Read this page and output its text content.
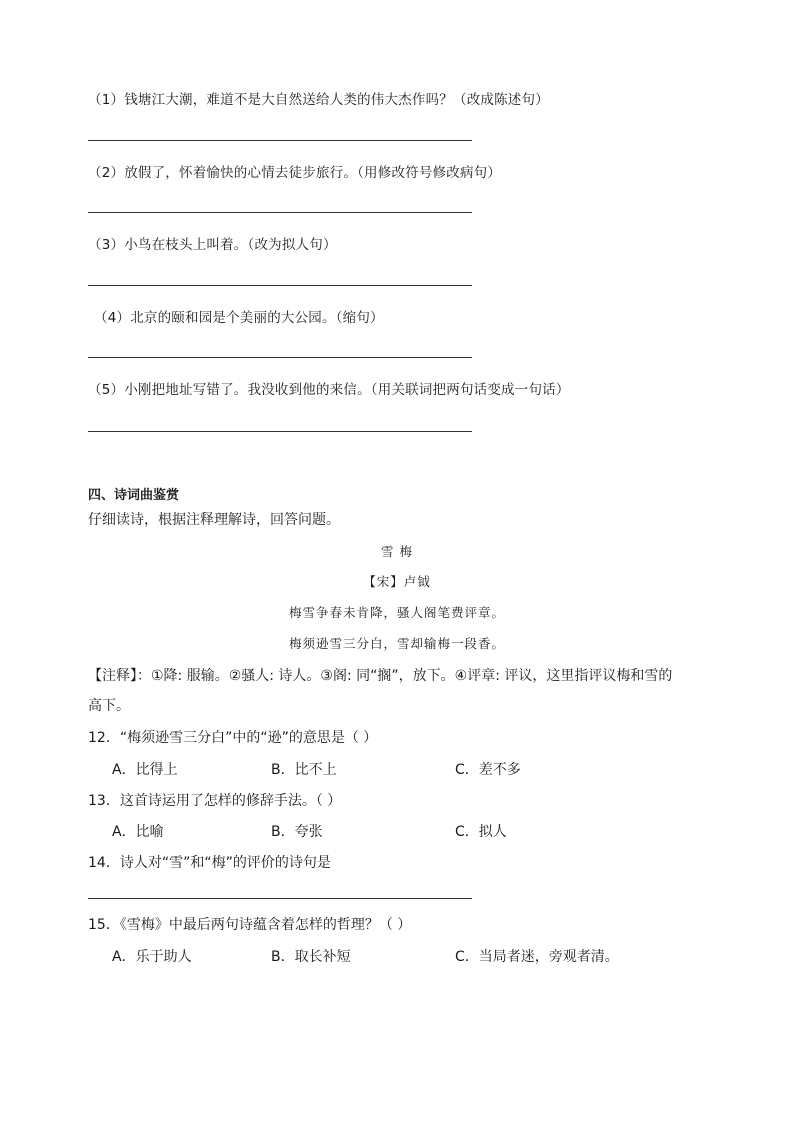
（1）钱塘江大潮，难道不是大自然送给人类的伟大杰作吗？（改成陈述句）
（2）放假了，怀着愉快的心情去徒步旅行。（用修改符号修改病句）
（3）小鸟在枝头上叫着。（改为拟人句）
（4）北京的颐和园是个美丽的大公园。（缩句）
（5）小刚把地址写错了。我没收到他的来信。（用关联词把两句话变成一句话）
四、诗词曲鉴赏
仔细读诗，根据注释理解诗，回答问题。
雪 梅
【宋】卢钺
梅雪争春未肯降，骚人阁笔费评章。
梅须逊雪三分白，雪却输梅一段香。
【注释】：①降: 服输。②骚人: 诗人。③阁: 同“搁”，放下。④评章: 评议，这里指评议梅和雪的
高下。
12．“梅须逊雪三分白”中的“逊”的意思是（ ）
A．比得上	B．比不上	C．差不多
13．这首诗运用了怎样的修辞手法。（ ）
A．比喻	B．夸张	C．拟人
14．诗人对“雪”和“梅”的评价的诗句是
15．《雪梅》中最后两句诗蕴含着怎样的哲理？（ ）
A．乐于助人	B．取长补短	C．当局者迷，旁观者清。
